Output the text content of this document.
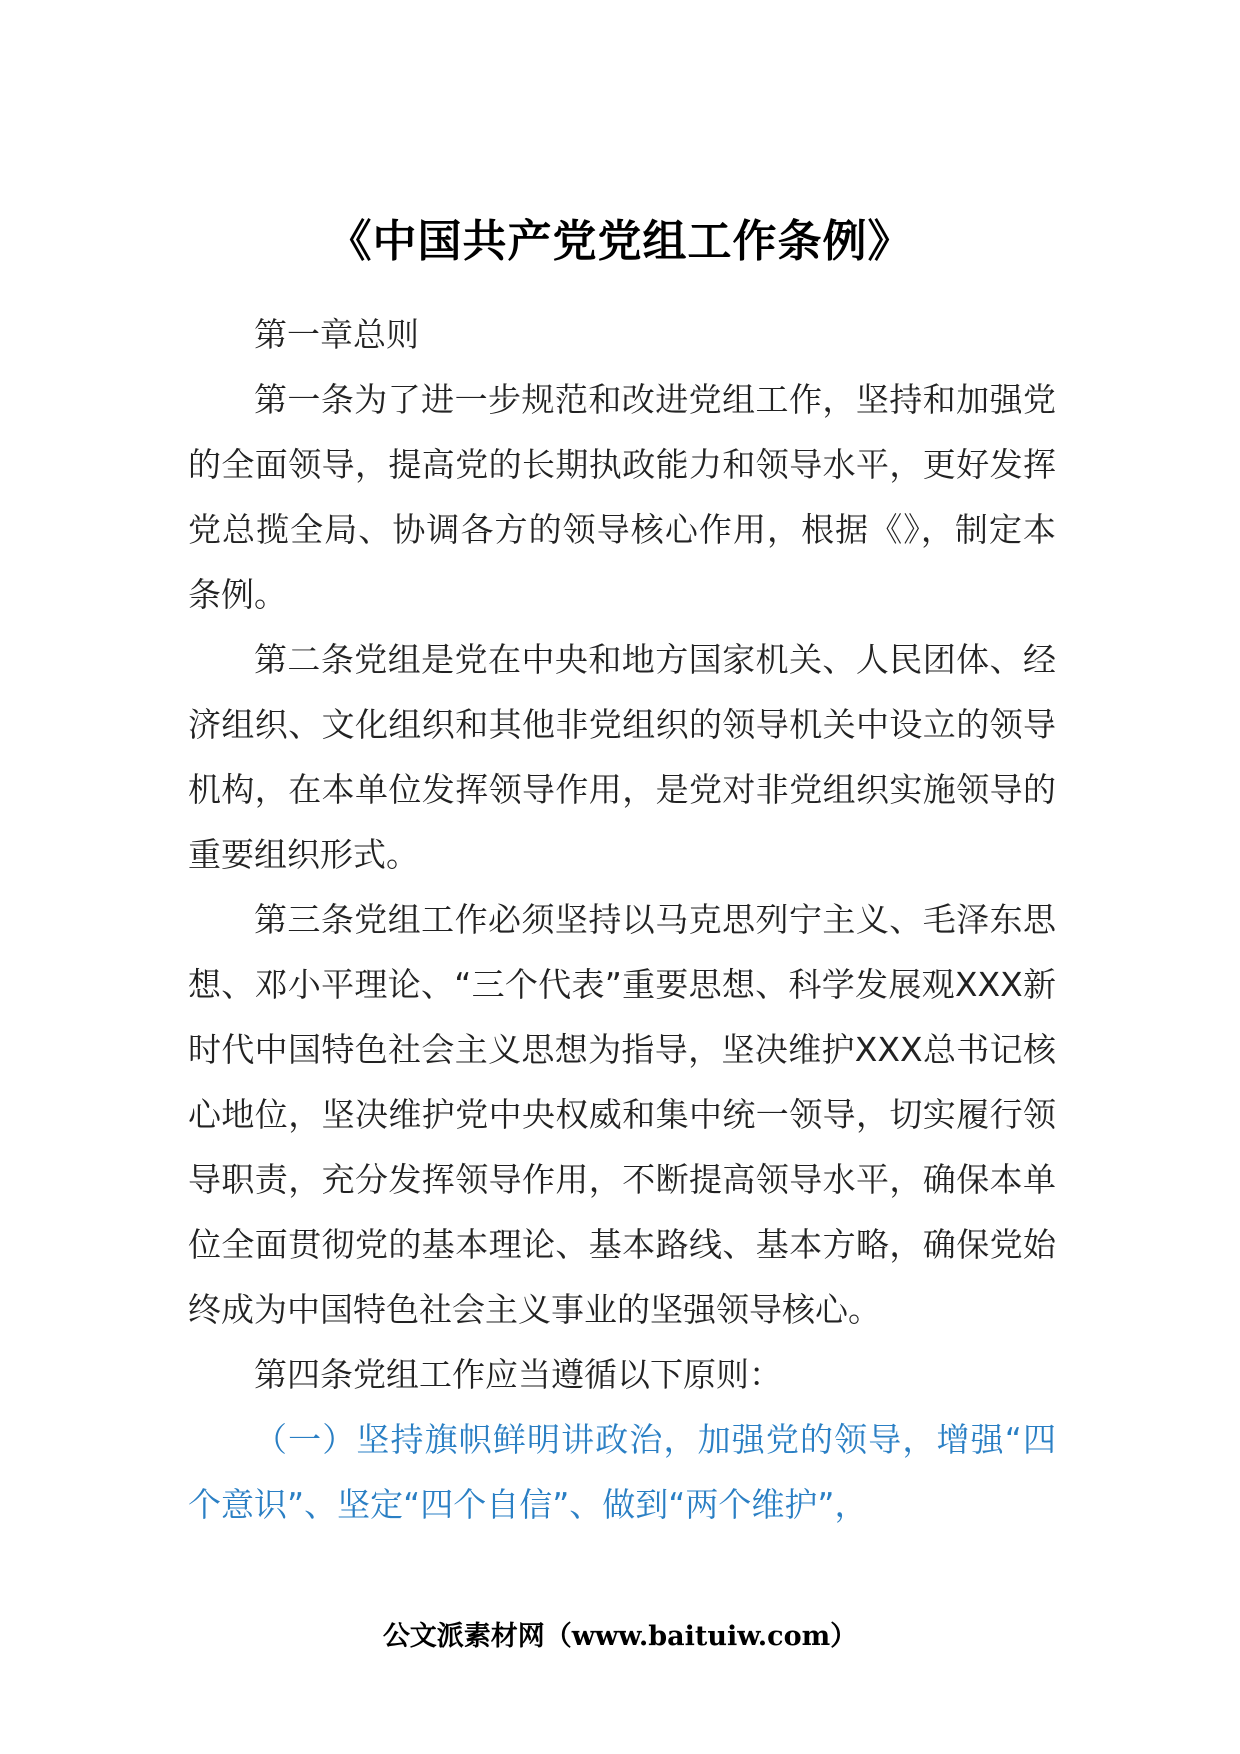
《中国共产党党组工作条例》

第一章总则

第一条为了进一步规范和改进党组工作，坚持和加强党的全面领导，提高党的长期执政能力和领导水平，更好发挥党总揽全局、协调各方的领导核心作用，根据《》，制定本条例。

第二条党组是党在中央和地方国家机关、人民团体、经济组织、文化组织和其他非党组织的领导机关中设立的领导机构，在本单位发挥领导作用，是党对非党组织实施领导的重要组织形式。

第三条党组工作必须坚持以马克思列宁主义、毛泽东思想、邓小平理论、“三个代表”重要思想、科学发展观XXX新时代中国特色社会主义思想为指导，坚决维护XXX总书记核心地位，坚决维护党中央权威和集中统一领导，切实履行领导职责，充分发挥领导作用，不断提高领导水平，确保本单位全面贯彻党的基本理论、基本路线、基本方略，确保党始终成为中国特色社会主义事业的坚强领导核心。

第四条党组工作应当遵循以下原则：

（一）坚持旗帜鲜明讲政治，加强党的领导，增强“四个意识”、坚定“四个自信”、做到“两个维护”，

公文派素材网（www.baituiw.com）
